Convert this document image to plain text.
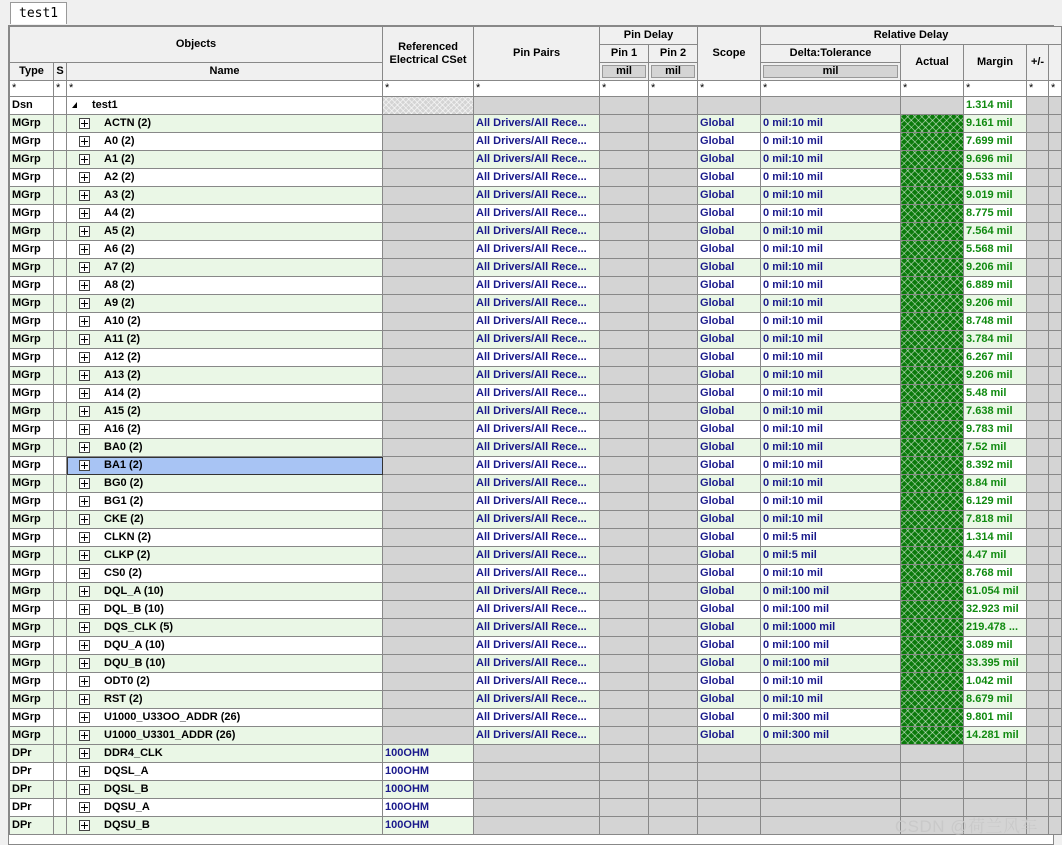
test1
Objects			Referenced Electrical CSet	Pin Pairs	Pin Delay		Scope	Relative Delay				
					Pin 1	Pin 2		Delta:Tolerance	Actual	Margin	+/-	
Type	S	Name			mil	mil		mil				

*	*	*	*	*	*	*	*	*	*	*	*	*
Dsn		test1								1.314 mil		
MGrp		ACTN (2)		All Drivers/All Rece...			Global	0 mil:10 mil		9.161 mil		
MGrp		A0 (2)		All Drivers/All Rece...			Global	0 mil:10 mil		7.699 mil		
MGrp		A1 (2)		All Drivers/All Rece...			Global	0 mil:10 mil		9.696 mil		
MGrp		A2 (2)		All Drivers/All Rece...			Global	0 mil:10 mil		9.533 mil		
MGrp		A3 (2)		All Drivers/All Rece...			Global	0 mil:10 mil		9.019 mil		
MGrp		A4 (2)		All Drivers/All Rece...			Global	0 mil:10 mil		8.775 mil		
MGrp		A5 (2)		All Drivers/All Rece...			Global	0 mil:10 mil		7.564 mil		
MGrp		A6 (2)		All Drivers/All Rece...			Global	0 mil:10 mil		5.568 mil		
MGrp		A7 (2)		All Drivers/All Rece...			Global	0 mil:10 mil		9.206 mil		
MGrp		A8 (2)		All Drivers/All Rece...			Global	0 mil:10 mil		6.889 mil		
MGrp		A9 (2)		All Drivers/All Rece...			Global	0 mil:10 mil		9.206 mil		
MGrp		A10 (2)		All Drivers/All Rece...			Global	0 mil:10 mil		8.748 mil		
MGrp		A11 (2)		All Drivers/All Rece...			Global	0 mil:10 mil		3.784 mil		
MGrp		A12 (2)		All Drivers/All Rece...			Global	0 mil:10 mil		6.267 mil		
MGrp		A13 (2)		All Drivers/All Rece...			Global	0 mil:10 mil		9.206 mil		
MGrp		A14 (2)		All Drivers/All Rece...			Global	0 mil:10 mil		5.48 mil		
MGrp		A15 (2)		All Drivers/All Rece...			Global	0 mil:10 mil		7.638 mil		
MGrp		A16 (2)		All Drivers/All Rece...			Global	0 mil:10 mil		9.783 mil		
MGrp		BA0 (2)		All Drivers/All Rece...			Global	0 mil:10 mil		7.52 mil		
MGrp		BA1 (2)		All Drivers/All Rece...			Global	0 mil:10 mil		8.392 mil		
MGrp		BG0 (2)		All Drivers/All Rece...			Global	0 mil:10 mil		8.84 mil		
MGrp		BG1 (2)		All Drivers/All Rece...			Global	0 mil:10 mil		6.129 mil		
MGrp		CKE (2)		All Drivers/All Rece...			Global	0 mil:10 mil		7.818 mil		
MGrp		CLKN (2)		All Drivers/All Rece...			Global	0 mil:5 mil		1.314 mil		
MGrp		CLKP (2)		All Drivers/All Rece...			Global	0 mil:5 mil		4.47 mil		
MGrp		CS0 (2)		All Drivers/All Rece...			Global	0 mil:10 mil		8.768 mil		
MGrp		DQL_A (10)		All Drivers/All Rece...			Global	0 mil:100 mil		61.054 mil		
MGrp		DQL_B (10)		All Drivers/All Rece...			Global	0 mil:100 mil		32.923 mil		
MGrp		DQS_CLK (5)		All Drivers/All Rece...			Global	0 mil:1000 mil		219.478 ...		
MGrp		DQU_A (10)		All Drivers/All Rece...			Global	0 mil:100 mil		3.089 mil		
MGrp		DQU_B (10)		All Drivers/All Rece...			Global	0 mil:100 mil		33.395 mil		
MGrp		ODT0 (2)		All Drivers/All Rece...			Global	0 mil:10 mil		1.042 mil		
MGrp		RST (2)		All Drivers/All Rece...			Global	0 mil:10 mil		8.679 mil		
MGrp		U1000_U33OO_ADDR (26)		All Drivers/All Rece...			Global	0 mil:300 mil		9.801 mil		
MGrp		U1000_U3301_ADDR (26)		All Drivers/All Rece...			Global	0 mil:300 mil		14.281 mil		
DPr		DDR4_CLK	100OHM									
DPr		DQSL_A	100OHM									
DPr		DQSL_B	100OHM									
DPr		DQSU_A	100OHM									
DPr		DQSU_B	100OHM										CSDN @荷兰风车
